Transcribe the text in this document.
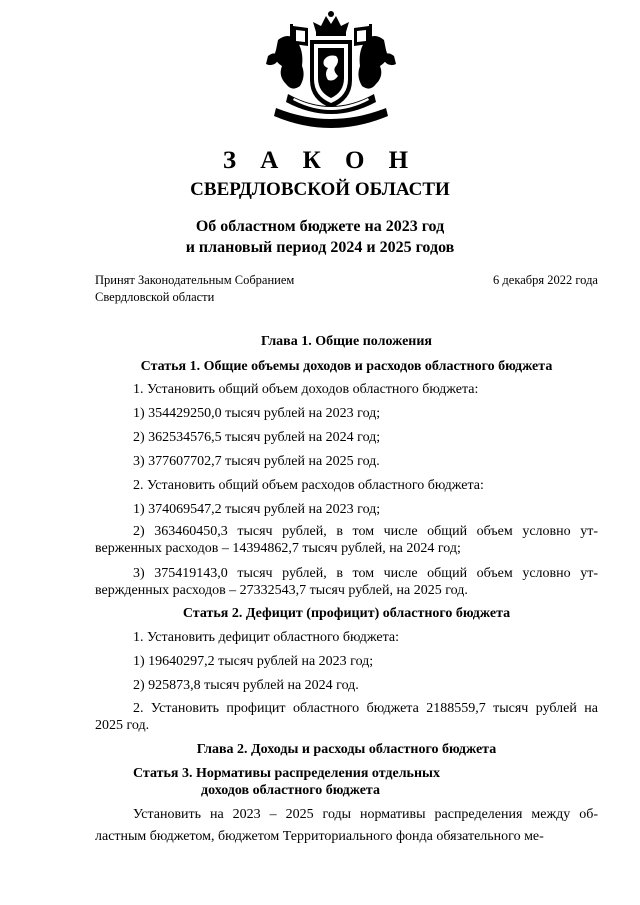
З А К О Н
СВЕРДЛОВСКОЙ ОБЛАСТИ
Об областном бюджете на 2023 год
и плановый период 2024 и 2025 годов
Принят Законодательным Собранием
Свердловской области
6 декабря 2022 года
Глава 1. Общие положения
Статья 1. Общие объемы доходов и расходов областного бюджета
1. Установить общий объем доходов областного бюджета:
1) 354429250,0 тысяч рублей на 2023 год;
2) 362534576,5 тысяч рублей на 2024 год;
3) 377607702,7 тысяч рублей на 2025 год.
2. Установить общий объем расходов областного бюджета:
1) 374069547,2 тысяч рублей на 2023 год;
2) 363460450,3 тысяч рублей, в том числе общий объем условно ут-верженных расходов – 14394862,7 тысяч рублей, на 2024 год;
3) 375419143,0 тысяч рублей, в том числе общий объем условно ут-вержденных расходов – 27332543,7 тысяч рублей, на 2025 год.
Статья 2. Дефицит (профицит) областного бюджета
1. Установить дефицит областного бюджета:
1) 19640297,2 тысяч рублей на 2023 год;
2) 925873,8 тысяч рублей на 2024 год.
2. Установить профицит областного бюджета 2188559,7 тысяч рублей на 2025 год.
Глава 2. Доходы и расходы областного бюджета
Статья 3. Нормативы распределения отдельных
доходов областного бюджета
Установить на 2023 – 2025 годы нормативы распределения между об-ластным бюджетом, бюджетом Территориального фонда обязательного ме-
